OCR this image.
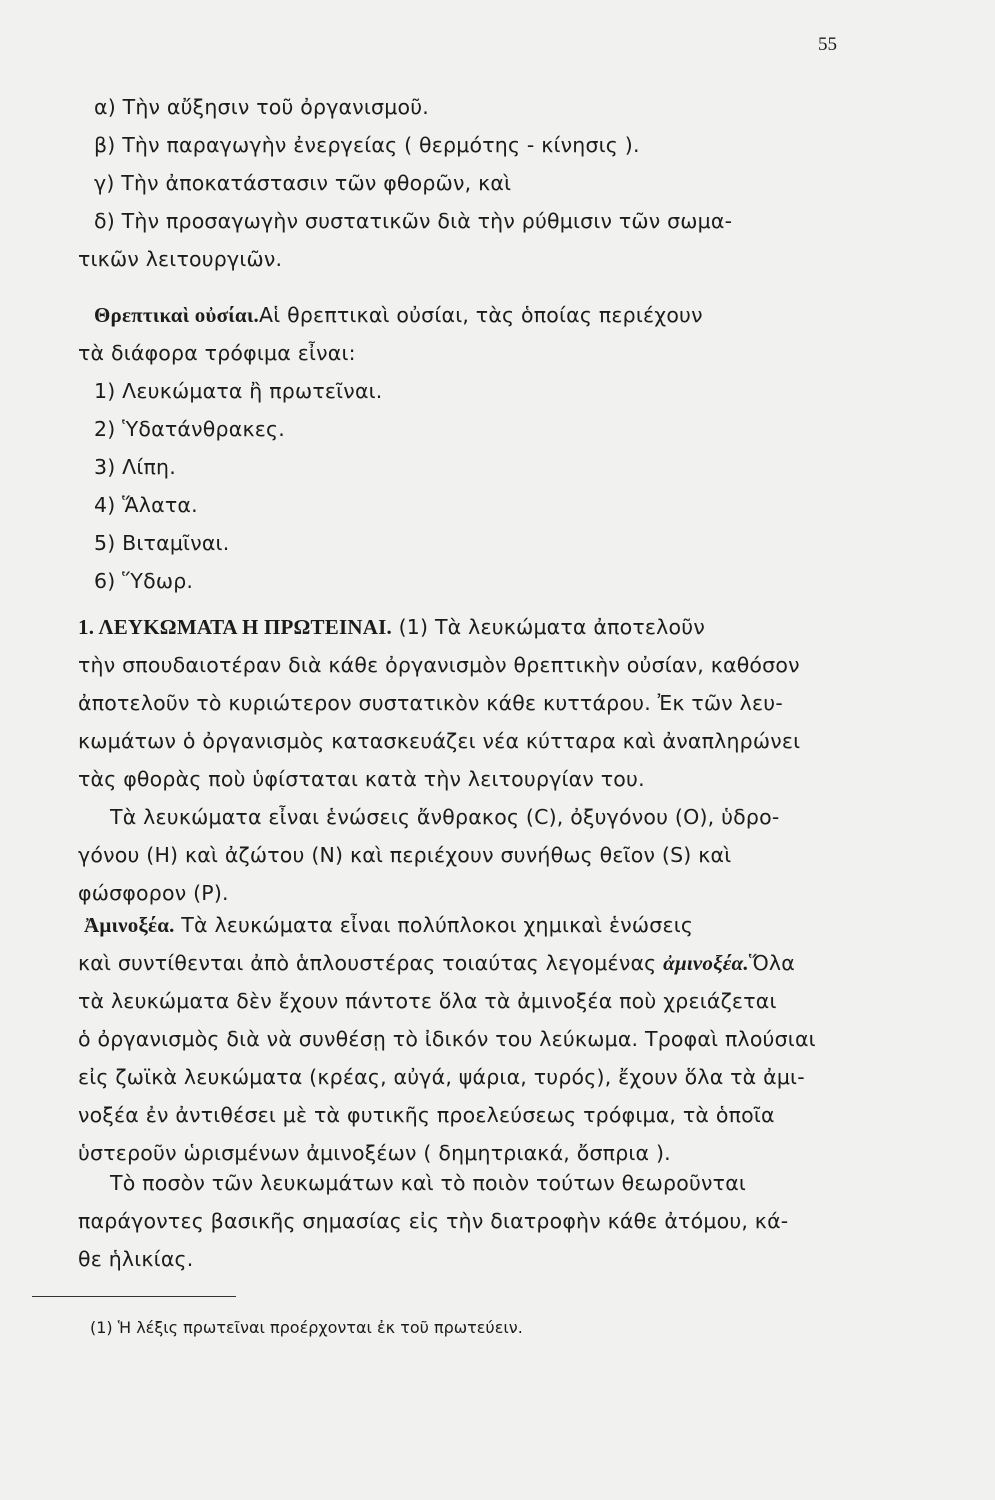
55
α) Τὴν αὔξησιν τοῦ ὀργανισμοῦ.
β) Τὴν παραγωγὴν ἐνεργείας ( θερμότης - κίνησις ).
γ) Τὴν ἀποκατάστασιν τῶν φθορῶν, καὶ
δ) Τὴν προσαγωγὴν συστατικῶν διὰ τὴν ρύθμισιν τῶν σωμα-
τικῶν λειτουργιῶν.
Θρεπτικαὶ οὐσίαι.Αἱ θρεπτικαὶ οὐσίαι, τὰς ὁποίας περιέχουν
τὰ διάφορα τρόφιμα εἶναι:
1) Λευκώματα ἢ πρωτεῖναι.
2) Ὑδατάνθρακες.
3) Λίπη.
4) Ἅλατα.
5) Βιταμῖναι.
6) Ὕδωρ.
1. ΛΕΥΚΩΜΑΤΑ Η ΠΡΩΤΕΙΝΑΙ. (1) Τὰ λευκώματα ἀποτελοῦν
τὴν σπουδαιοτέραν διὰ κάθε ὀργανισμὸν θρεπτικὴν οὐσίαν, καθόσον
ἀποτελοῦν τὸ κυριώτερον συστατικὸν κάθε κυττάρου. Ἐκ τῶν λευ-
κωμάτων ὁ ὀργανισμὸς κατασκευάζει νέα κύτταρα καὶ ἀναπληρώνει
τὰς φθορὰς ποὺ ὑφίσταται κατὰ τὴν λειτουργίαν του.
Τὰ λευκώματα εἶναι ἑνώσεις ἄνθρακος (C), ὀξυγόνου (O), ὑδρο-
γόνου (H) καὶ ἀζώτου (N) καὶ περιέχουν συνήθως θεῖον (S) καὶ
φώσφορον (P).
Ἀμινοξέα. Τὰ λευκώματα εἶναι πολύπλοκοι χημικαὶ ἑνώσεις
καὶ συντίθενται ἀπὸ ἁπλουστέρας τοιαύτας λεγομένας ἀμινοξέα.Ὅλα
τὰ λευκώματα δὲν ἔχουν πάντοτε ὅλα τὰ ἀμινοξέα ποὺ χρειάζεται
ὁ ὀργανισμὸς διὰ νὰ συνθέσῃ τὸ ἰδικόν του λεύκωμα. Τροφαὶ πλούσιαι
εἰς ζωϊκὰ λευκώματα (κρέας, αὐγά, ψάρια, τυρός), ἔχουν ὅλα τὰ ἀμι-
νοξέα ἐν ἀντιθέσει μὲ τὰ φυτικῆς προελεύσεως τρόφιμα, τὰ ὁποῖα
ὑστεροῦν ὡρισμένων ἀμινοξέων ( δημητριακά, ὄσπρια ).
Τὸ ποσὸν τῶν λευκωμάτων καὶ τὸ ποιὸν τούτων θεωροῦνται
παράγοντες βασικῆς σημασίας εἰς τὴν διατροφὴν κάθε ἀτόμου, κά-
θε ἡλικίας.
(1) Ἡ λέξις πρωτεῖναι προέρχονται ἐκ τοῦ πρωτεύειν.
